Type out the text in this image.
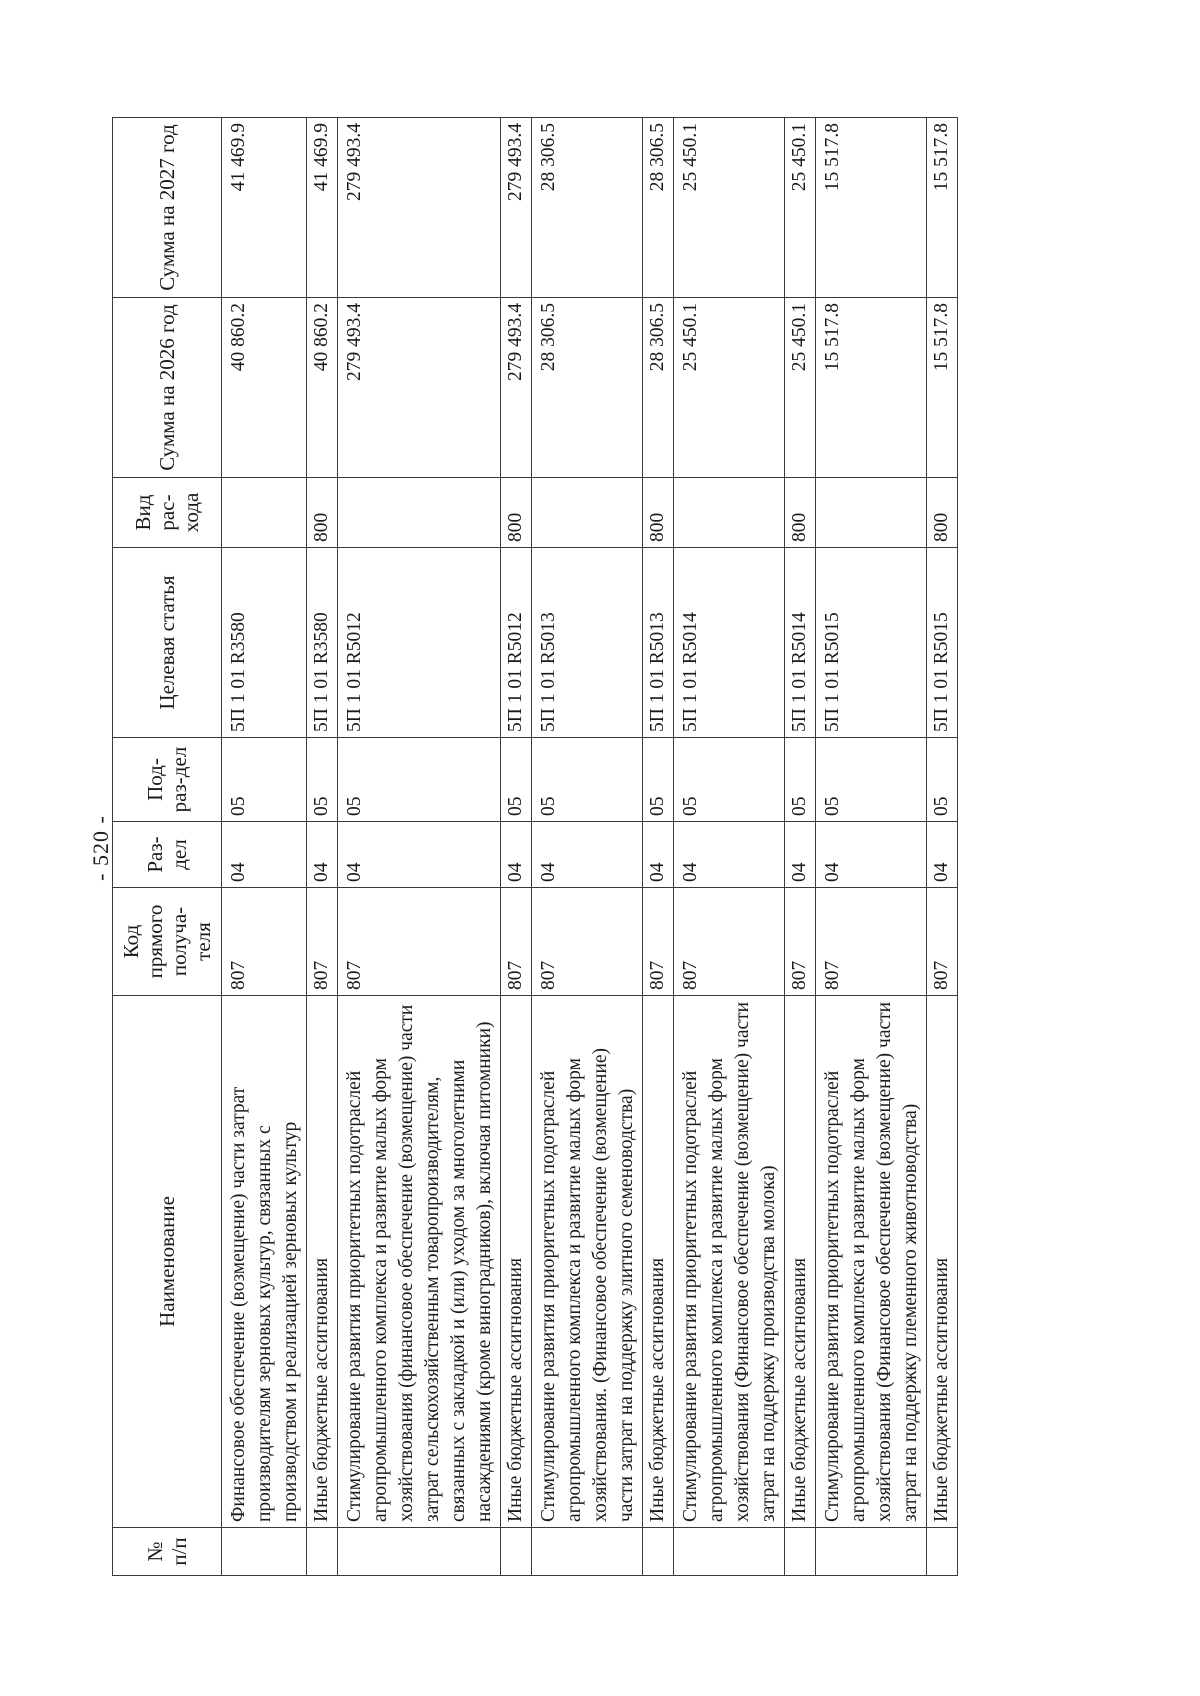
- 520 -
№ п/п	Наименование	Код прямого получа-теля	Раз-дел	Под-раз-дел	Целевая статья	Вид рас-хода	Сумма на 2026 год	Сумма на 2027 год
	Финансовое обеспечение (возмещение) части затрат производителям зерновых культур, связанных с производством и реализацией зерновых культур	807	04	05	5П 1 01 R3580		40 860.2	41 469.9
	Иные бюджетные ассигнования	807	04	05	5П 1 01 R3580	800	40 860.2	41 469.9
	Стимулирование развития приоритетных подотраслей агропромышленного комплекса и развитие малых форм хозяйствования (финансовое обеспечение (возмещение) части затрат сельскохозяйственным товаропроизводителям, связанных с закладкой и (или) уходом за многолетними насаждениями (кроме виноградников), включая питомники)	807	04	05	5П 1 01 R5012		279 493.4	279 493.4
	Иные бюджетные ассигнования	807	04	05	5П 1 01 R5012	800	279 493.4	279 493.4
	Стимулирование развития приоритетных подотраслей агропромышленного комплекса и развитие малых форм хозяйствования. (Финансовое обеспечение (возмещение) части затрат на поддержку элитного семеноводства)	807	04	05	5П 1 01 R5013		28 306.5	28 306.5
	Иные бюджетные ассигнования	807	04	05	5П 1 01 R5013	800	28 306.5	28 306.5
	Стимулирование развития приоритетных подотраслей агропромышленного комплекса и развитие малых форм хозяйствования (Финансовое обеспечение (возмещение) части затрат на поддержку производства молока)	807	04	05	5П 1 01 R5014		25 450.1	25 450.1
	Иные бюджетные ассигнования	807	04	05	5П 1 01 R5014	800	25 450.1	25 450.1
	Стимулирование развития приоритетных подотраслей агропромышленного комплекса и развитие малых форм хозяйствования (Финансовое обеспечение (возмещение) части затрат на поддержку племенного животноводства)	807	04	05	5П 1 01 R5015		15 517.8	15 517.8
	Иные бюджетные ассигнования	807	04	05	5П 1 01 R5015	800	15 517.8	15 517.8
